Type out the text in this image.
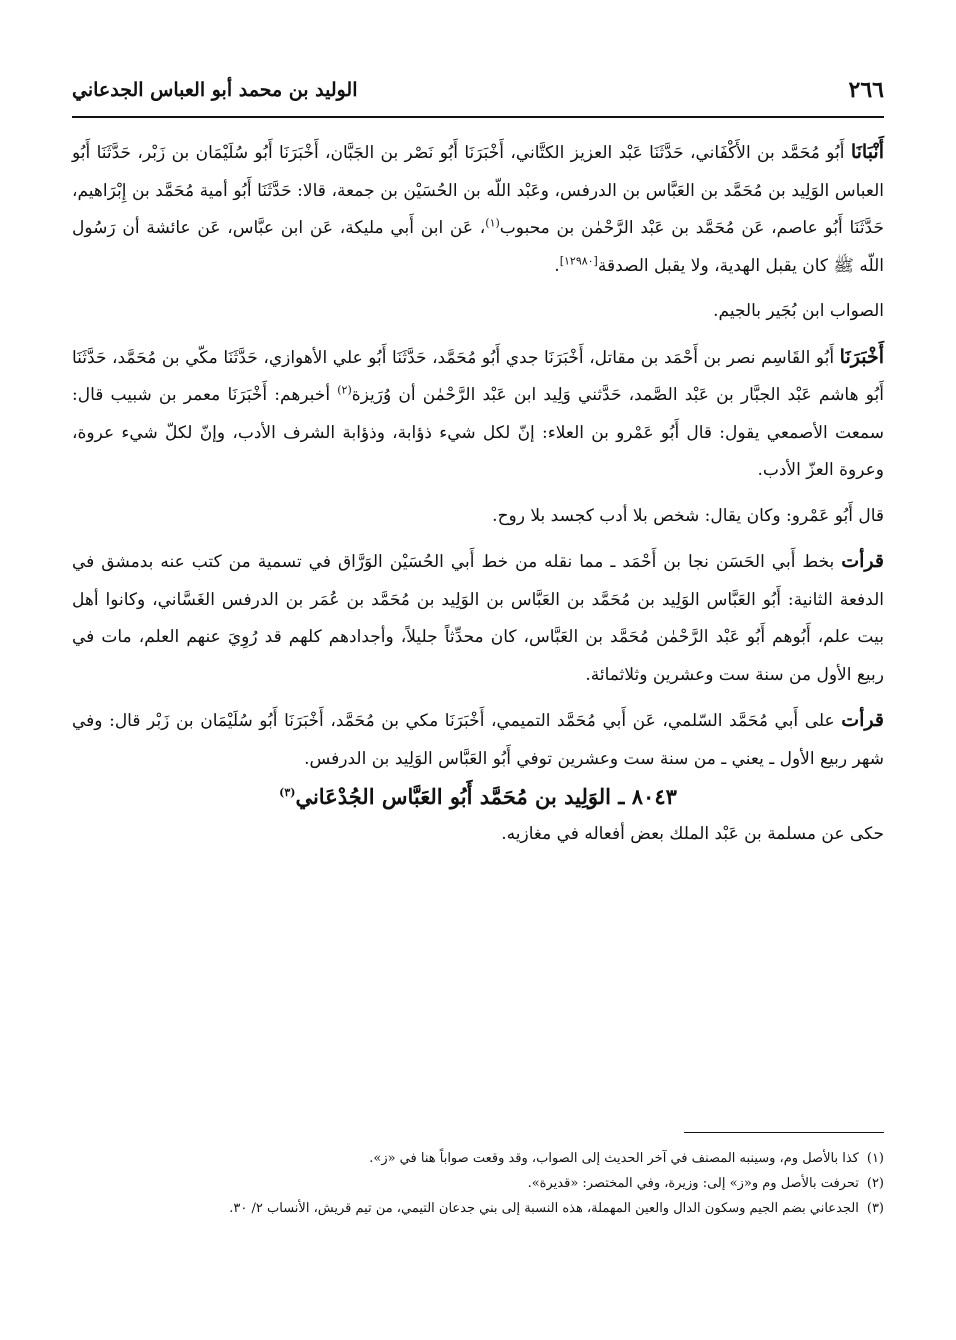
٢٦٦
الوليد بن محمد أبو العباس الجدعاني

أَنْبَانَا أَبُو مُحَمَّد بن الأَكْفَاني، حَدَّثَنَا عَبْد العزيز الكتَّاني، أَخْبَرَنَا أَبُو نَصْر بن الجَبَّان، أَخْبَرَنَا أَبُو سُلَيْمَان بن زَبْر، حَدَّثَنَا أَبُو العباس الوَلِيد بن مُحَمَّد بن العَبَّاس بن الدرفس، وعَبْد اللّه بن الحُسَيْن بن جمعة، قالا: حَدَّثَنَا أَبُو أمية مُحَمَّد بن إِبْرَاهيم، حَدَّثَنَا أَبُو عاصم، عَن مُحَمَّد بن عَبْد الرَّحْمٰن بن محبوب$^{(١)}$، عَن ابن أَبي مليكة، عَن ابن عبَّاس، عَن عائشة أن رَسُول اللّه ﷺ كان يقبل الهدية، ولا يقبل الصدقة[١٢٩٨٠].

الصواب ابن بُجَير بالجيم.

أَخْبَرَنَا أَبُو القَاسِم نصر بن أَحْمَد بن مقاتل، أَخْبَرَنَا جدي أَبُو مُحَمَّد، حَدَّثَنَا أَبُو علي الأهوازي، حَدَّثَنَا مكّي بن مُحَمَّد، حَدَّثَنَا أَبُو هاشم عَبْد الجبَّار بن عَبْد الصَّمد، حَدَّثني وَلِيد ابن عَبْد الرَّحْمٰن أن وُرَيزة$^{(٢)}$ أخبرهم: أَخْبَرَنَا معمر بن شبيب قال: سمعت الأصمعي يقول: قال أَبُو عَمْرو بن العلاء: إنّ لكل شيء ذؤابة، وذؤابة الشرف الأدب، وإنّ لكلّ شيء عروة، وعروة العزّ الأدب.

قال أَبُو عَمْرو: وكان يقال: شخص بلا أدب كجسد بلا روح.

قرأت بخط أَبي الحَسَن نجا بن أَحْمَد ـ مما نقله من خط أَبي الحُسَيْن الوَرَّاق في تسمية من كتب عنه بدمشق في الدفعة الثانية: أَبُو العَبَّاس الوَلِيد بن مُحَمَّد بن العَبَّاس بن الوَلِيد بن مُحَمَّد بن عُمَر بن الدرفس الغَسَّاني، وكانوا أهل بيت علم، أَبُوهم أَبُو عَبْد الرَّحْمٰن مُحَمَّد بن العَبَّاس، كان محدِّثاً جليلاً، وأجدادهم كلهم قد رُوِيَ عنهم العلم، مات في ربيع الأول من سنة ست وعشرين وثلاثمائة.

قرأت على أَبي مُحَمَّد السّلمي، عَن أَبي مُحَمَّد التميمي، أَخْبَرَنَا مكي بن مُحَمَّد، أَخْبَرَنَا أَبُو سُلَيْمَان بن زَبْر قال: وفي شهر ربيع الأول ـ يعني ـ من سنة ست وعشرين توفي أَبُو العَبَّاس الوَلِيد بن الدرفس.

٨٠٤٣ ـ الوَلِيد بن مُحَمَّد أَبُو العَبَّاس الجُدْعَاني$^{(٣)}$

حكى عن مسلمة بن عَبْد الملك بعض أفعاله في مغازيه.

(١)
كذا بالأصل وم، وسينبه المصنف في آخر الحديث إلى الصواب، وقد وقعت صواباً هنا في «ز».
(٢)
تحرفت بالأصل وم و«ز» إلى: وزيرة، وفي المختصر: «قديرة».
(٣)
الجدعاني بضم الجيم وسكون الدال والعين المهملة، هذه النسبة إلى بني جدعان التيمي، من تيم قريش، الأنساب ٢/ ٣٠.
